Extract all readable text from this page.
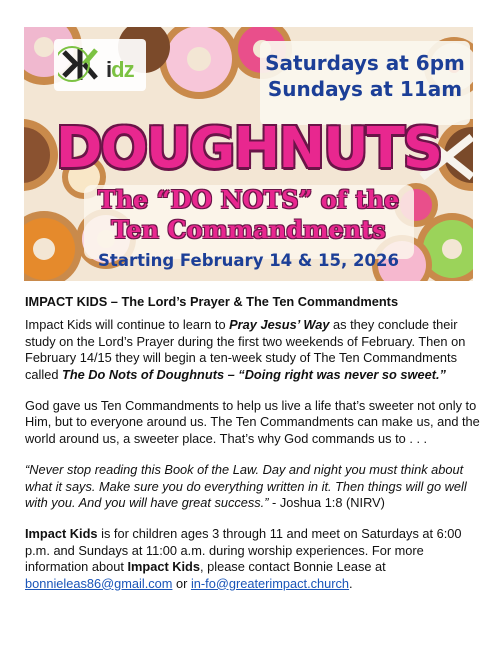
idz	Saturdays at 6pm
Sundays at 11am
DOUGHNUTS
The “DO NOTS” of the
Ten Commandments
Starting February 14 & 15, 2026

IMPACT KIDS – The Lord’s Prayer & The Ten Commandments

Impact Kids will continue to learn to Pray Jesus’ Way as they conclude their study on the Lord’s Prayer during the first two weekends of February. Then on February 14/15 they will begin a ten-week study of The Ten Commandments called The Do Nots of Doughnuts – “Doing right was never so sweet.”

God gave us Ten Commandments to help us live a life that’s sweeter not only to Him, but to everyone around us. The Ten Commandments can make us, and the world around us, a sweeter place. That’s why God commands us to . . .

“Never stop reading this Book of the Law. Day and night you must think about what it says. Make sure you do everything written in it. Then things will go well with you. And you will have great success.” - Joshua 1:8 (NIRV)

Impact Kids is for children ages 3 through 11 and meet on Saturdays at 6:00 p.m. and Sundays at 11:00 a.m. during worship experiences. For more information about Impact Kids, please contact Bonnie Lease at bonnieleas86@gmail.com or in-fo@greaterimpact.church.
